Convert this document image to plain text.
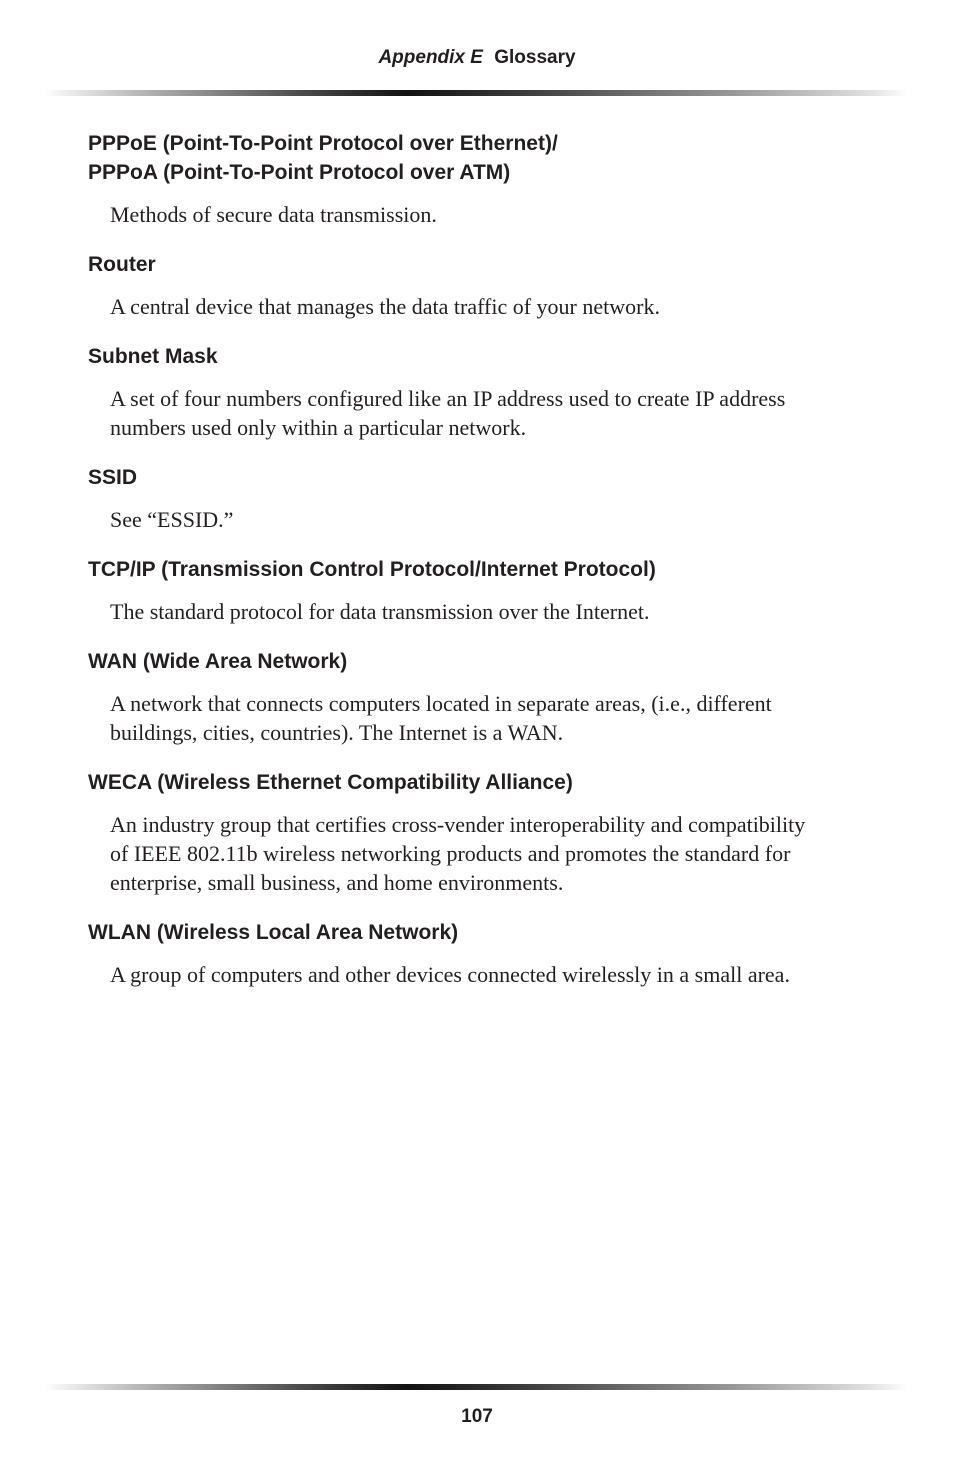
Appendix E Glossary

PPPoE (Point-To-Point Protocol over Ethernet)/
PPPoA (Point-To-Point Protocol over ATM)

Methods of secure data transmission.

Router

A central device that manages the data traffic of your network.

Subnet Mask

A set of four numbers configured like an IP address used to create IP address
numbers used only within a particular network.

SSID

See “ESSID.”

TCP/IP (Transmission Control Protocol/Internet Protocol)

The standard protocol for data transmission over the Internet.

WAN (Wide Area Network)

A network that connects computers located in separate areas, (i.e., different
buildings, cities, countries). The Internet is a WAN.

WECA (Wireless Ethernet Compatibility Alliance)

An industry group that certifies cross-vender interoperability and compatibility
of IEEE 802.11b wireless networking products and promotes the standard for
enterprise, small business, and home environments.

WLAN (Wireless Local Area Network)

A group of computers and other devices connected wirelessly in a small area.

107
